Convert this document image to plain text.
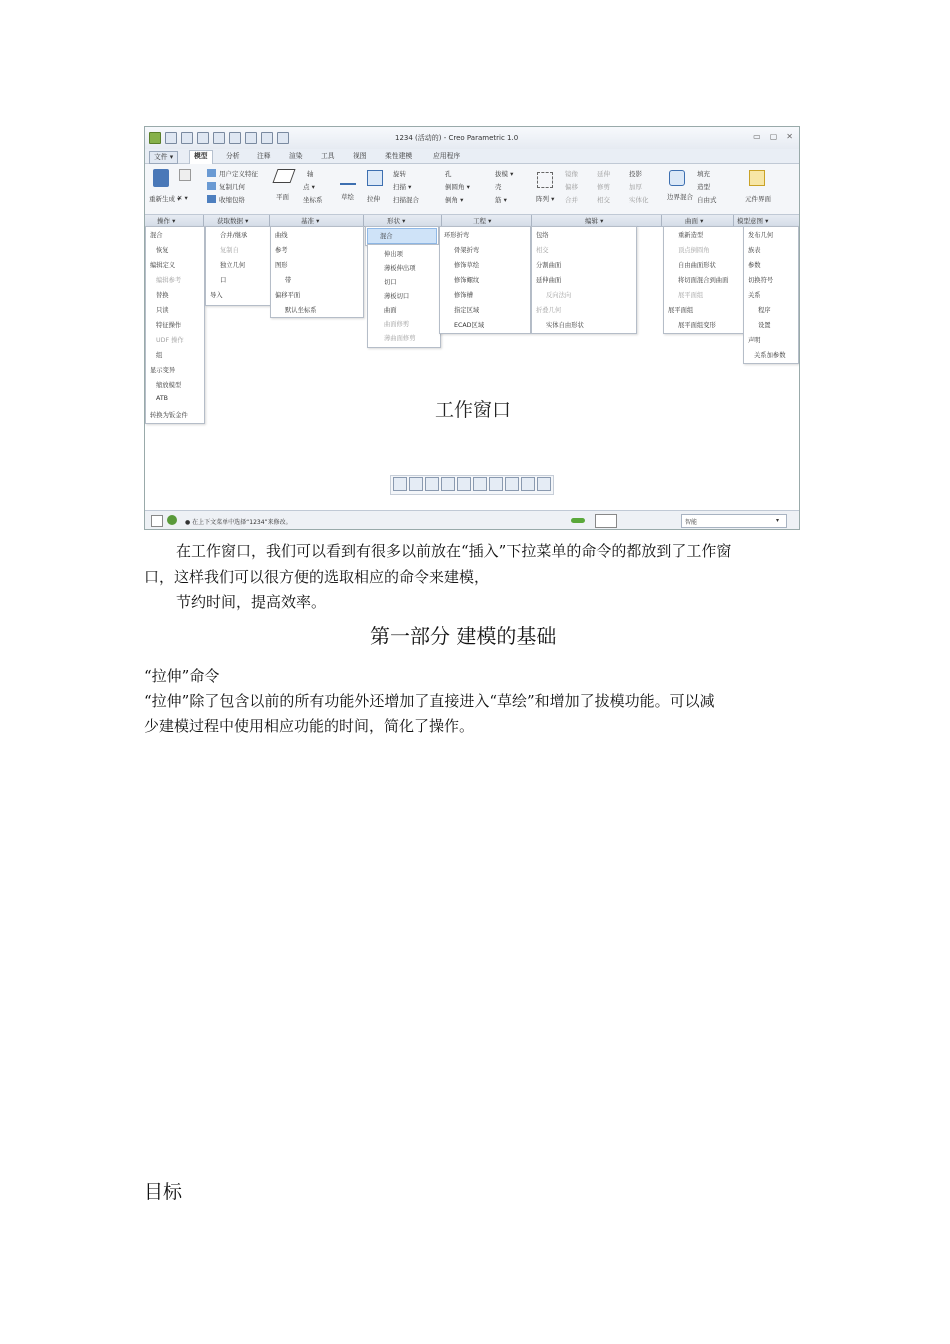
1234 (活动的) - Creo Parametric 1.0	▭ ▢ ✕
文件 ▾	模型	分析	注释	渲染	工具	视图	柔性建模	应用程序
重新生成 ▾
✕ ▾
用户定义特征
复制几何
收缩包络	平面
轴
点 ▾
坐标系	草绘 拉伸
旋转
扫描 ▾
扫描混合
孔
倒圆角 ▾
倒角 ▾
拔模 ▾
壳
筋 ▾	阵列 ▾
镜像	延伸	投影
偏移	修剪	加厚
合并	相交	实体化	边界混合
填充
造型
自由式	元件界面
操作 ▾	获取数据 ▾	基准 ▾	形状 ▾	工程 ▾	编辑 ▾	曲面 ▾	模型意图 ▾
混合
恢复
编辑定义
编辑参考
替换
只读
特征操作
UDF 操作
组
显示变异
缩放模型
ATB
转换为钣金件
合并/继承
复制自
独立几何
口
导入
曲线
参考
图形
带
偏移平面
默认坐标系
混合
伸出项
薄板伸出项
切口
薄板切口
曲面
曲面修剪
薄曲面修剪
环形折弯
骨架折弯
修饰草绘
修饰螺纹
修饰槽
指定区域
ECAD区域
包络
相交
分割曲面
延伸曲面
反向法向
折叠几何
实体自由形状
重新造型
顶点倒圆角
自由曲面形状
将切面混合到曲面
展平面组
展平面组
展平面组变形
发布几何
族表
参数
切换符号
关系
程序
设置
声明
关系加参数
工作窗口
● 在上下文菜单中选择“1234”来修改。	智能	▾
在工作窗口，我们可以看到有很多以前放在“插入”下拉菜单的命令的都放到了工作窗
口，这样我们可以很方便的选取相应的命令来建模，
节约时间，提高效率。
第一部分 建模的基础
“拉伸”命令
“拉伸”除了包含以前的所有功能外还增加了直接进入“草绘”和增加了拔模功能。可以减
少建模过程中使用相应功能的时间，简化了操作。
目标
